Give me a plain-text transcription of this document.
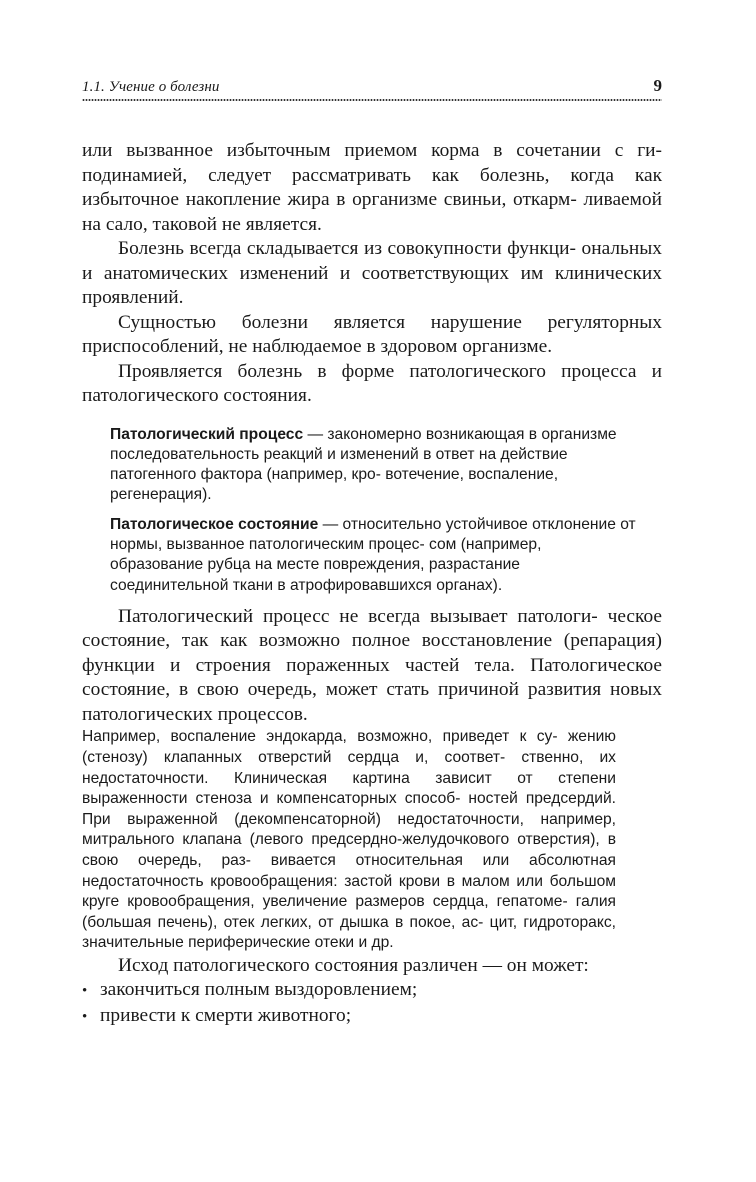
1.1. Учение о болезни	9

или вызванное избыточным приемом корма в сочетании с ги- подинамией, следует рассматривать как болезнь, когда как избыточное накопление жира в организме свиньи, откарм- ливаемой на сало, таковой не является.

Болезнь всегда складывается из совокупности функци- ональных и анатомических изменений и соответствующих им клинических проявлений.

Сущностью болезни является нарушение регуляторных приспособлений, не наблюдаемое в здоровом организме.

Проявляется болезнь в форме патологического процесса и патологического состояния.

Патологический процесс — закономерно возникающая в организме последовательность реакций и изменений в ответ на действие патогенного фактора (например, кро- вотечение, воспаление, регенерация).

Патологическое состояние — относительно устойчивое отклонение от нормы, вызванное патологическим процес- сом (например, образование рубца на месте повреждения, разрастание соединительной ткани в атрофировавшихся органах).

Патологический процесс не всегда вызывает патологи- ческое состояние, так как возможно полное восстановление (репарация) функции и строения пораженных частей тела. Патологическое состояние, в свою очередь, может стать причиной развития новых патологических процессов.

Например, воспаление эндокарда, возможно, приведет к су- жению (стенозу) клапанных отверстий сердца и, соответ- ственно, их недостаточности. Клиническая картина зависит от степени выраженности стеноза и компенсаторных способ- ностей предсердий. При выраженной (декомпенсаторной) недостаточности, например, митрального клапана (левого предсердно-желудочкового отверстия), в свою очередь, раз- вивается относительная или абсолютная недостаточность кровообращения: застой крови в малом или большом круге кровообращения, увеличение размеров сердца, гепатоме- галия (большая печень), отек легких, от дышка в покое, ас- цит, гидроторакс, значительные периферические отеки и др.

Исход патологического состояния различен — он может:

• закончиться полным выздоровлением;
• привести к смерти животного;
